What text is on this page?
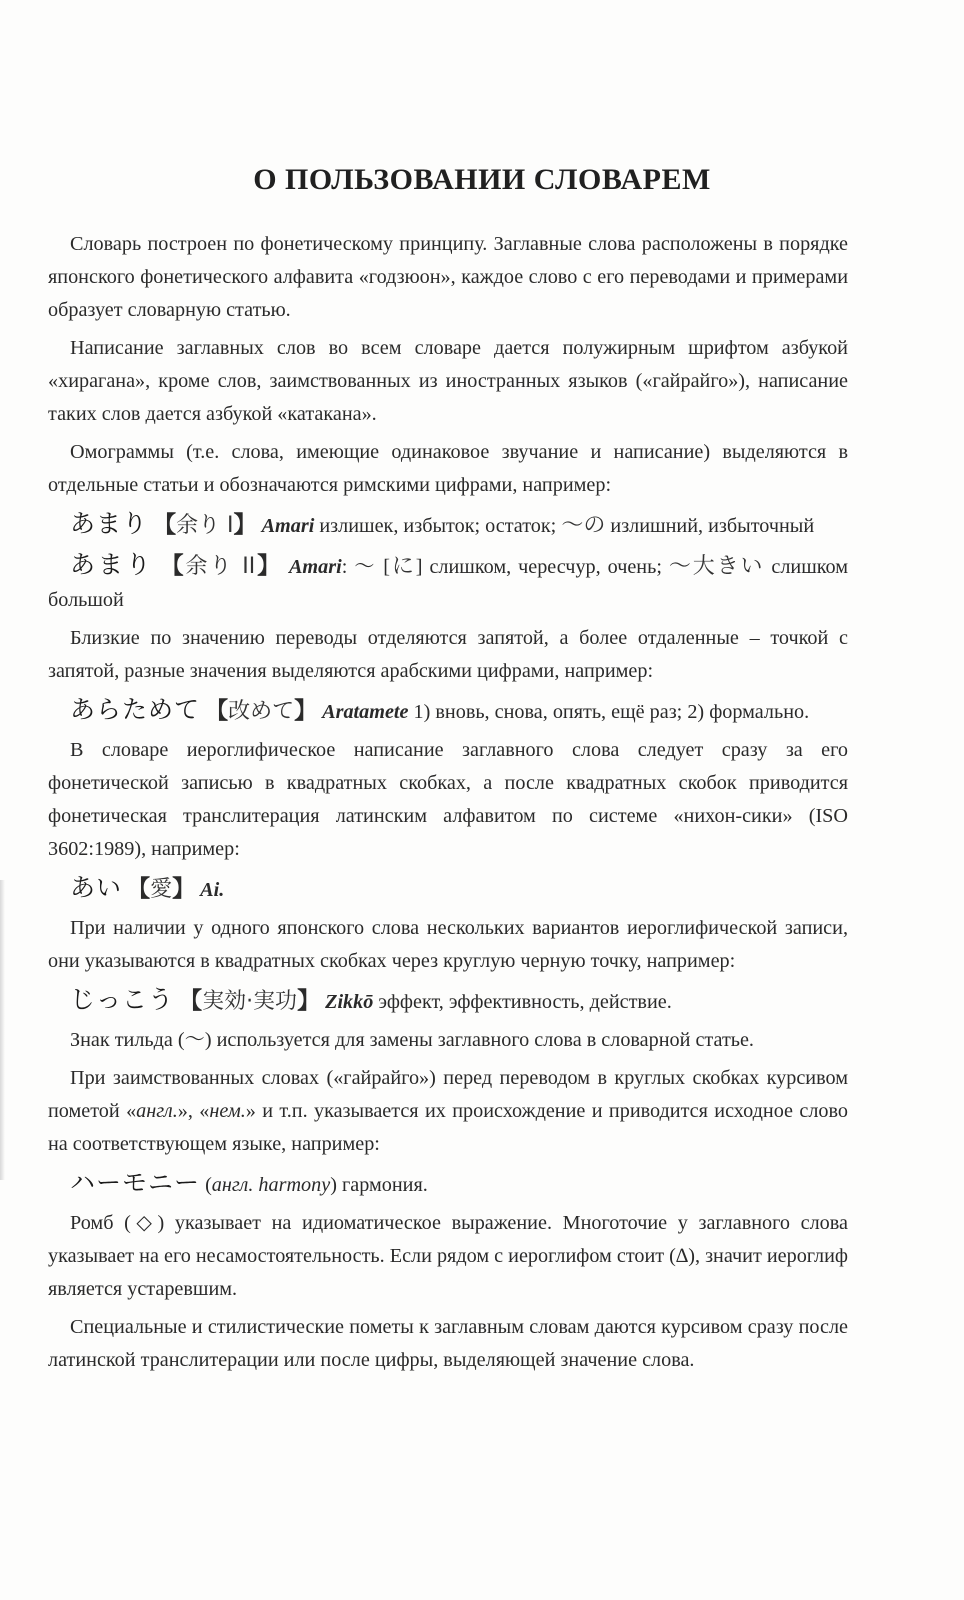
О ПОЛЬЗОВАНИИ СЛОВАРЕМ

Словарь построен по фонетическому принципу. Заглавные слова расположены в порядке японского фонетического алфавита «годзюон», каждое слово с его переводами и примерами образует словарную статью.

Написание заглавных слов во всем словаре дается полужирным шрифтом азбукой «хирагана», кроме слов, заимствованных из иностранных языков («гайрайго»), написание таких слов дается азбукой «катакана».

Омограммы (т.е. слова, имеющие одинаковое звучание и написание) выделяются в отдельные статьи и обозначаются римскими цифрами, например:

あまり 【余り I】 Amari излишек, избыток; остаток; ～の излишний, избыточный

あまり 【余り II】 Amari: ～ [に] слишком, чересчур, очень; ～大きい слишком большой

Близкие по значению переводы отделяются запятой, а более отдаленные – точкой с запятой, разные значения выделяются арабскими цифрами, например:

あらためて 【改めて】 Aratamete 1) вновь, снова, опять, ещё раз; 2) формально.

В словаре иероглифическое написание заглавного слова следует сразу за его фонетической записью в квадратных скобках, а после квадратных скобок приводится фонетическая транслитерация латинским алфавитом по системе «нихон-сики» (ISO 3602:1989), например:

あい 【愛】 Ai.

При наличии у одного японского слова нескольких вариантов иероглифической записи, они указываются в квадратных скобках через круглую черную точку, например:

じっこう 【実効·実功】 Zikkō эффект, эффективность, действие.

Знак тильда (～) используется для замены заглавного слова в словарной статье.

При заимствованных словах («гайрайго») перед переводом в круглых скобках курсивом пометой «англ.», «нем.» и т.п. указывается их происхождение и приводится исходное слово на соответствующем языке, например:

ハーモニー (англ. harmony) гармония.

Ромб (◇) указывает на идиоматическое выражение. Многоточие у заглавного слова указывает на его несамостоятельность. Если рядом с иероглифом стоит (∆), значит иероглиф является устаревшим.

Специальные и стилистические пометы к заглавным словам даются курсивом сразу после латинской транслитерации или после цифры, выделяющей значение слова.
